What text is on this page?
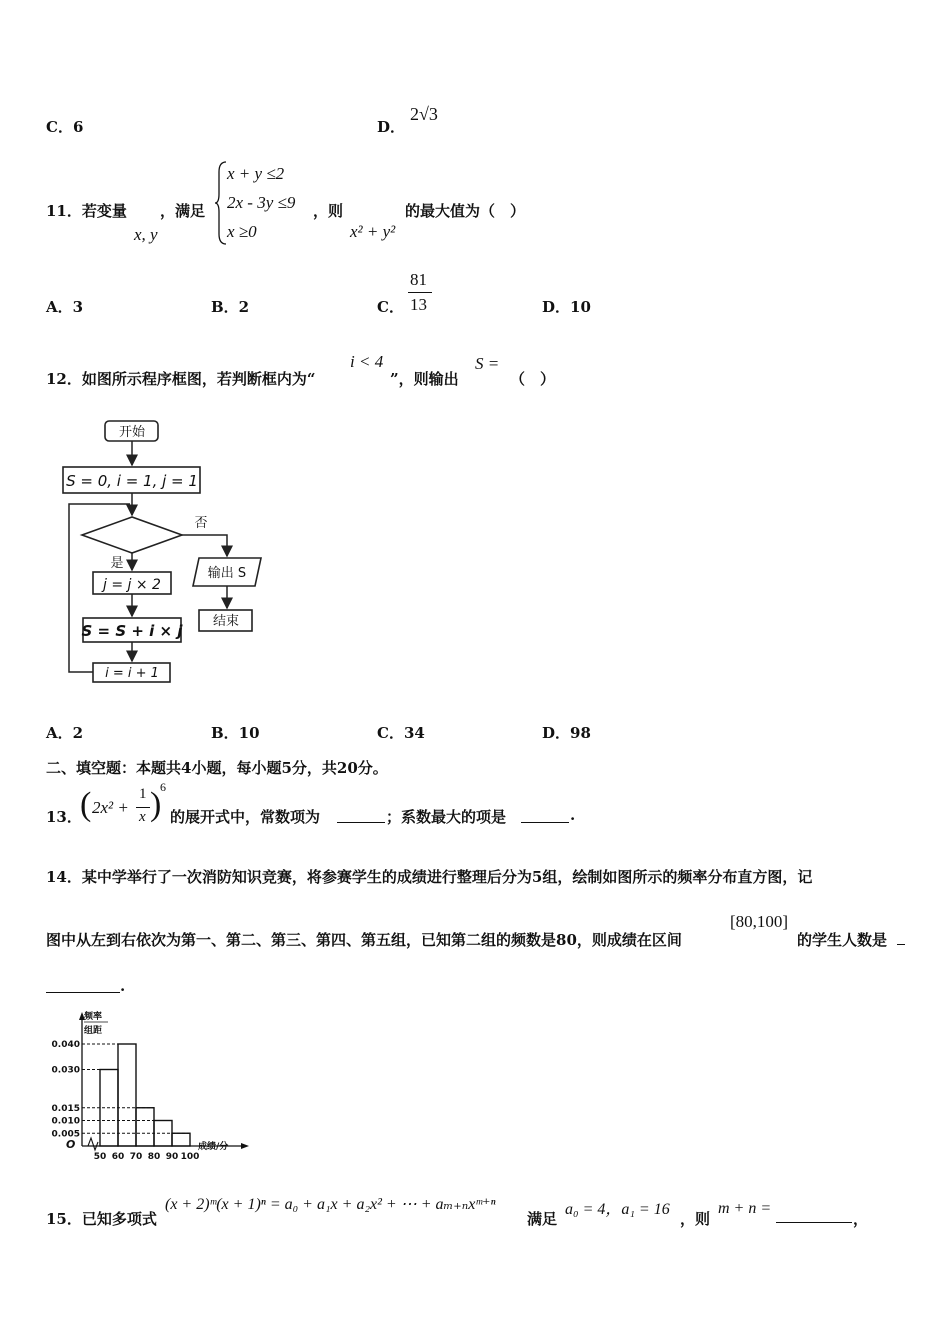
C．6	D．
2√3
11．若变量
x, y
，满足
x + y ≤2
2x - 3y ≤9
x ≥0
，则
x² + y²
的最大值为（　）
A．3	B．2	C．
81
13	D．10
12．如图所示程序框图，若判断框内为“
i < 4
”，则输出
S =
（　）
开始
S = 0, i = 1, j = 1
否
是
输出 S
j = j × 2
结束
S = S + i × j
i = i + 1
A．2	B．10	C．34	D．98
二、填空题：本题共4小题，每小题5分，共20分。
13．
( 2x² +
1
x )
6
的展开式中，常数项为	；系数最大的项是	.
14．某中学举行了一次消防知识竞赛，将参赛学生的成绩进行整理后分为5组，绘制如图所示的频率分布直方图，记
图中从左到右依次为第一、第二、第三、第四、第五组，已知第二组的频数是80，则成绩在区间
[80,100]
的学生人数是
.
频率
组距
O	成绩/分
0.040
0.030
0.015
0.010
0.005
50 60 70 80 90 100
15．已知多项式
(x + 2)ᵐ(x + 1)ⁿ = a₀ + a₁x + a₂x² + ⋯ + aₘ₊ₙxᵐ⁺ⁿ
满足
a₀ = 4，a₁ = 16
，则
m + n =
，
